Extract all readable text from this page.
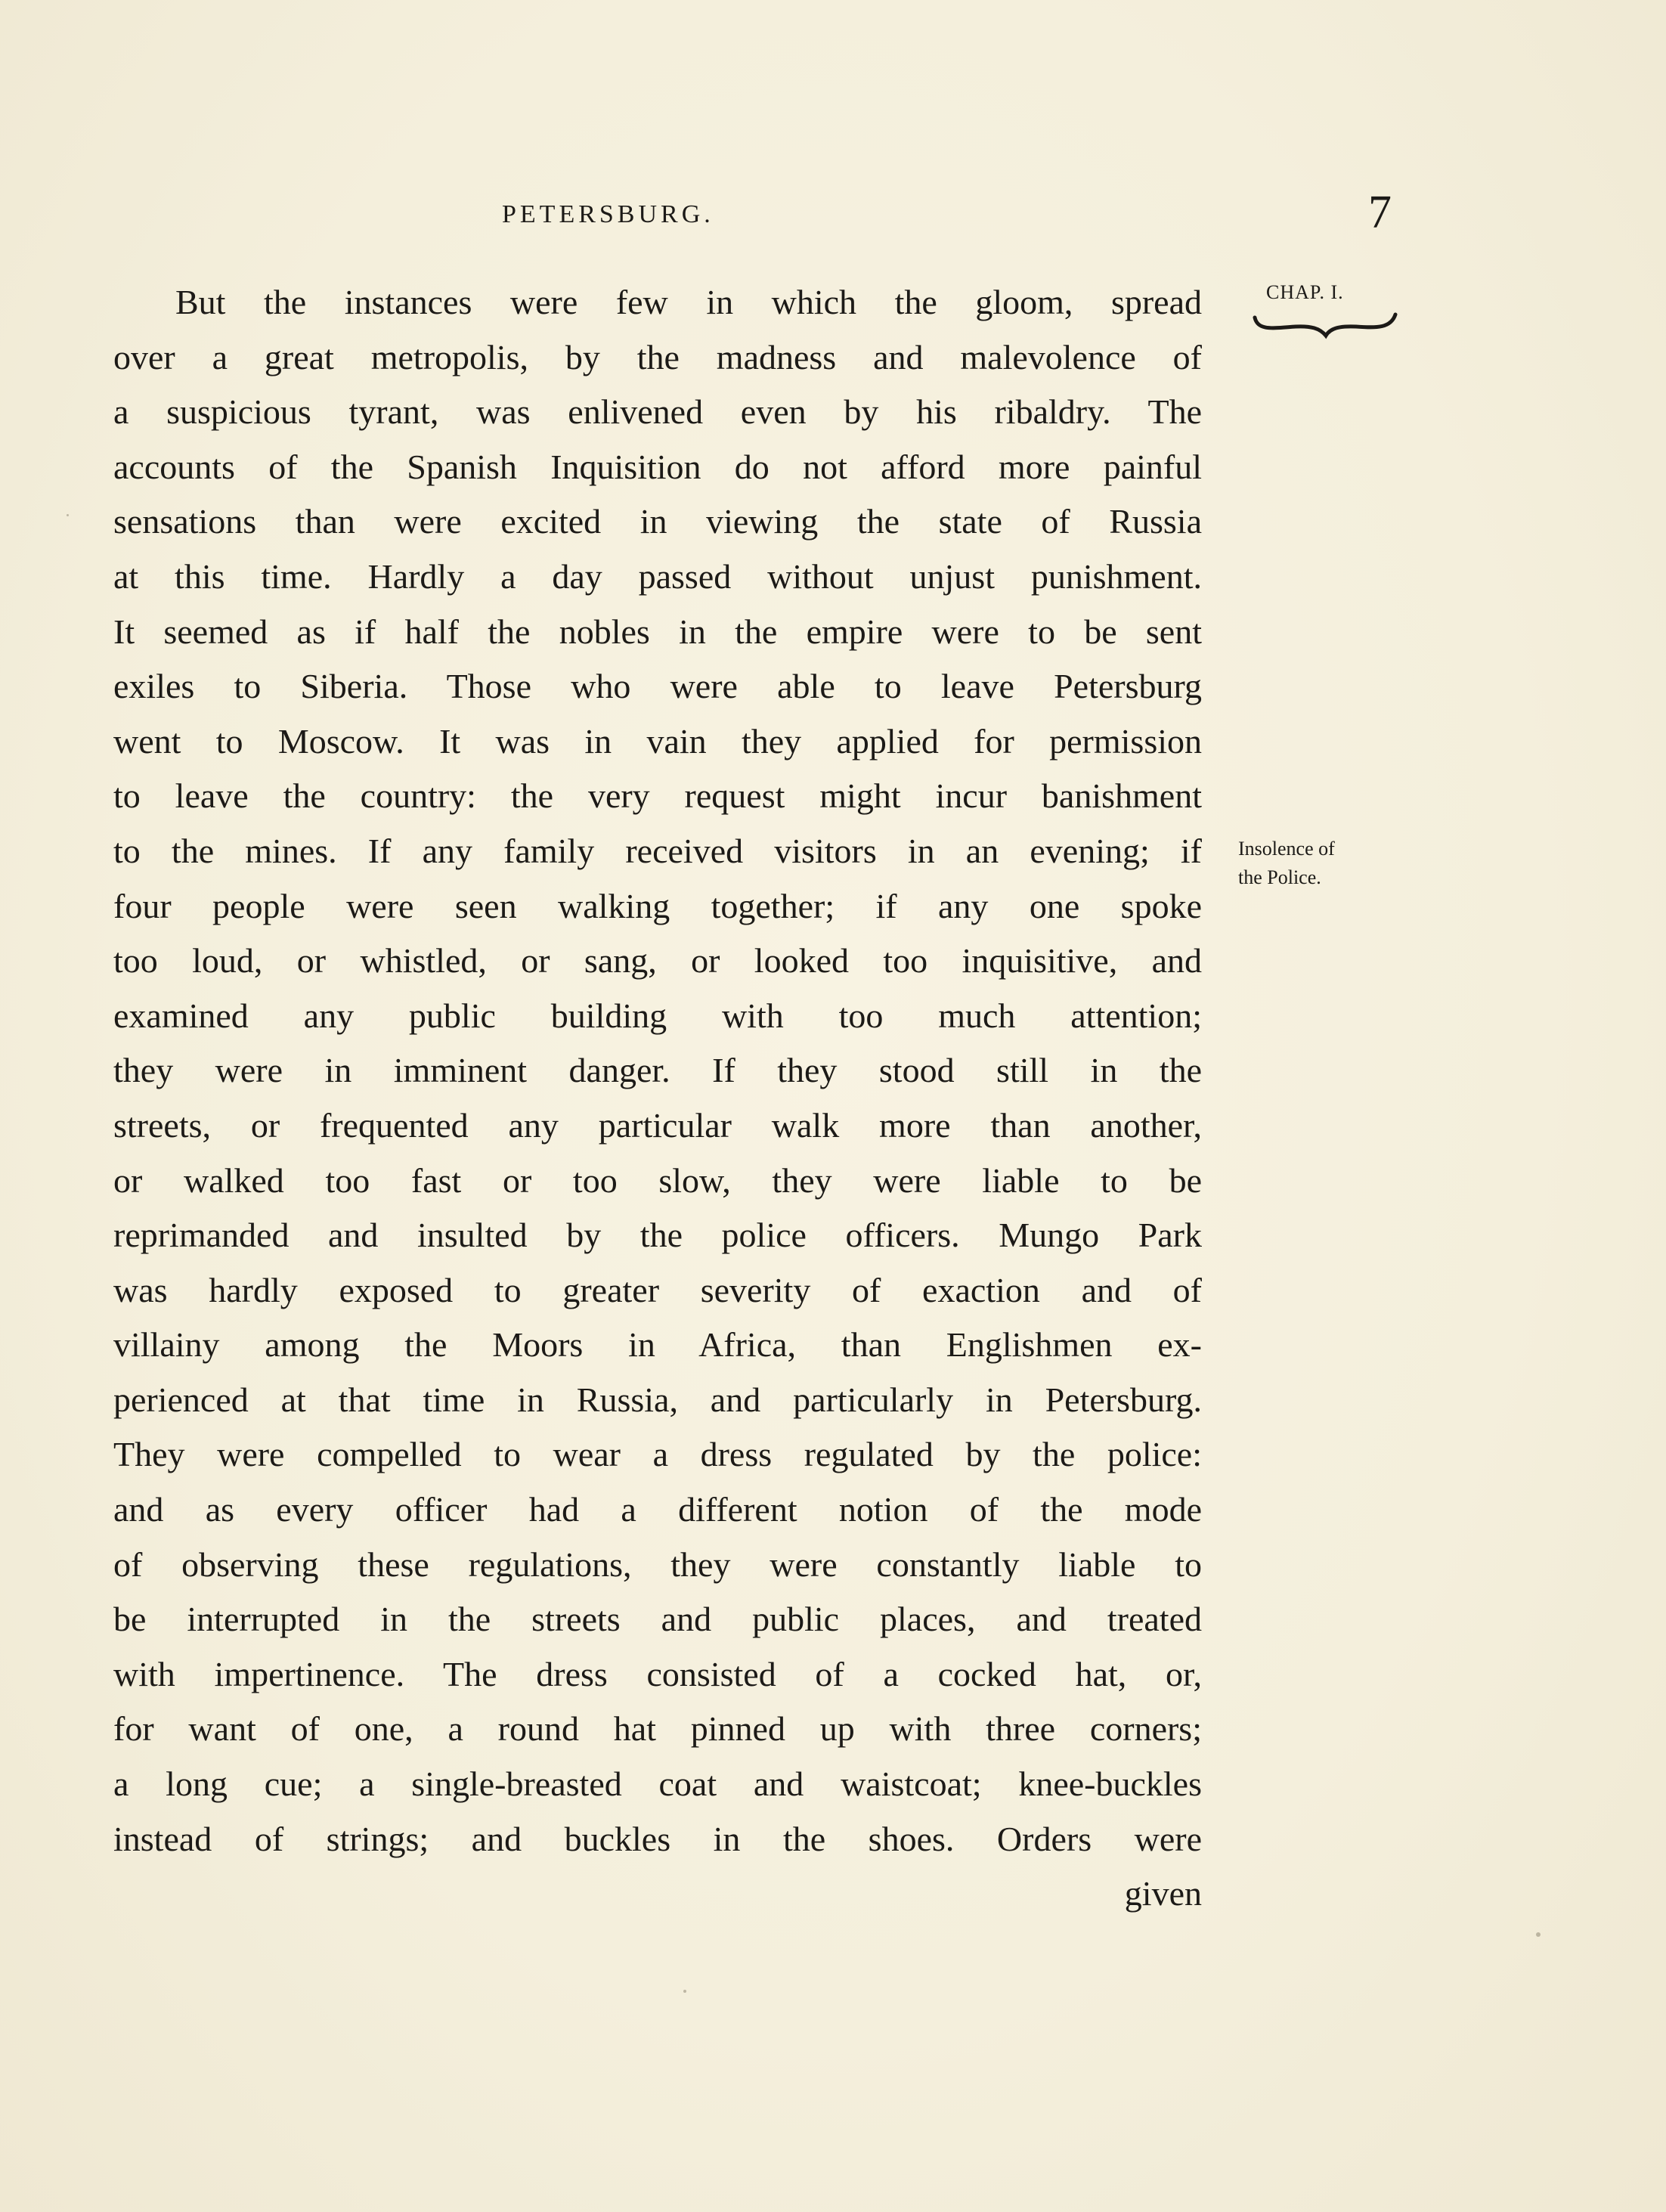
PETERSBURG.	7
CHAP. I.
Insolence of
the Police.
But the instances were few in which the gloom, spread
over a great metropolis, by the madness and malevolence of
a suspicious tyrant, was enlivened even by his ribaldry. The
accounts of the Spanish Inquisition do not afford more painful
sensations than were excited in viewing the state of Russia
at this time. Hardly a day passed without unjust punishment.
It seemed as if half the nobles in the empire were to be sent
exiles to Siberia. Those who were able to leave Petersburg
went to Moscow. It was in vain they applied for permission
to leave the country: the very request might incur banishment
to the mines. If any family received visitors in an evening; if
four people were seen walking together; if any one spoke
too loud, or whistled, or sang, or looked too inquisitive, and
examined any public building with too much attention;
they were in imminent danger. If they stood still in the
streets, or frequented any particular walk more than another,
or walked too fast or too slow, they were liable to be
reprimanded and insulted by the police officers. Mungo Park
was hardly exposed to greater severity of exaction and of
villainy among the Moors in Africa, than Englishmen ex-
perienced at that time in Russia, and particularly in Petersburg.
They were compelled to wear a dress regulated by the police:
and as every officer had a different notion of the mode
of observing these regulations, they were constantly liable to
be interrupted in the streets and public places, and treated
with impertinence. The dress consisted of a cocked hat, or,
for want of one, a round hat pinned up with three corners;
a long cue; a single-breasted coat and waistcoat; knee-buckles
instead of strings; and buckles in the shoes. Orders were
given
